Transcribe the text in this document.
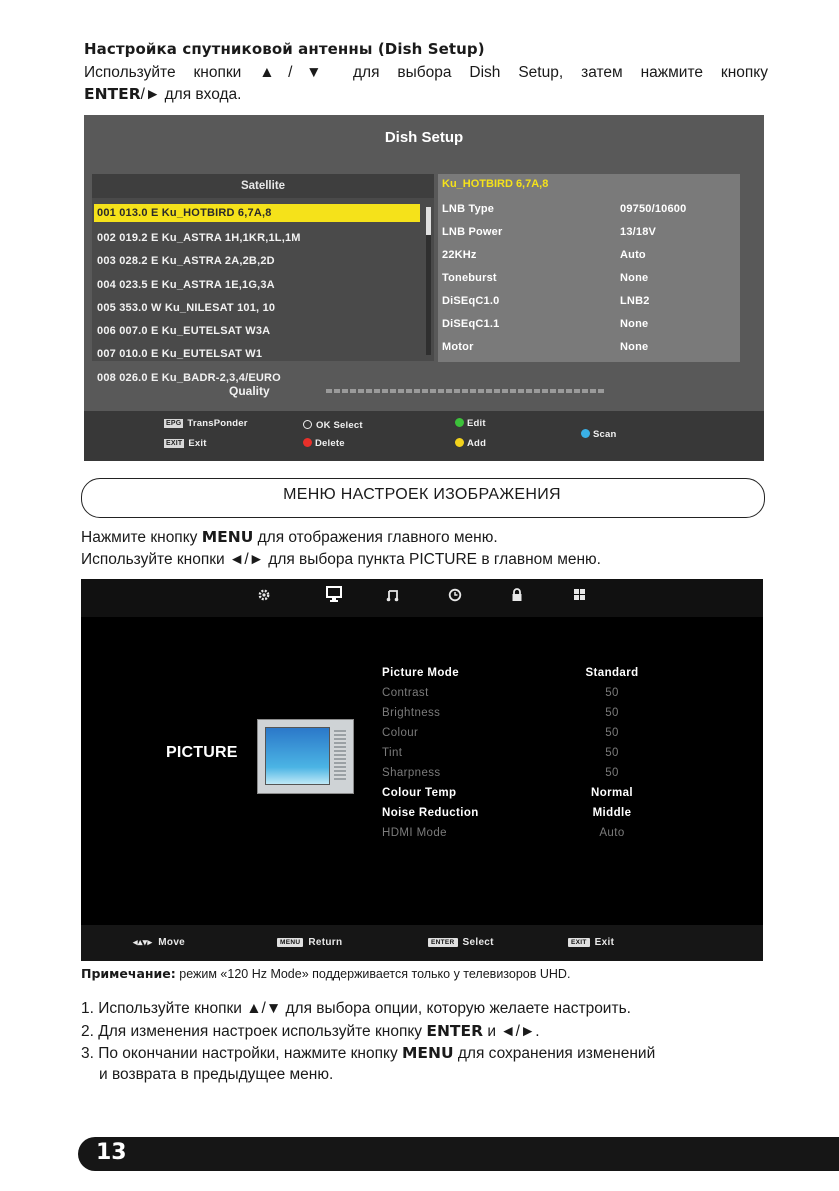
Настройка спутниковой антенны (Dish Setup)
Используйте кнопки ▲/▼ для выбора Dish Setup, затем нажмите кнопку
ENTER/► для входа.
Dish Setup
Satellite
001 013.0 E Ku_HOTBIRD 6,7A,8
002 019.2 E Ku_ASTRA 1H,1KR,1L,1M
003 028.2 E Ku_ASTRA 2A,2B,2D
004 023.5 E Ku_ASTRA 1E,1G,3A
005 353.0 W Ku_NILESAT 101, 10
006 007.0 E Ku_EUTELSAT W3A
007 010.0 E Ku_EUTELSAT W1
008 026.0 E Ku_BADR-2,3,4/EURO
Ku_HOTBIRD 6,7A,8
LNB Type	09750/10600
LNB Power	13/18V
22KHz	Auto
Toneburst	None
DiSEqC1.0	LNB2
DiSEqC1.1	None
Motor	None
Quality
EPG TransPonder
EXIT Exit
OK Select
Delete
Edit
Add
Scan
МЕНЮ НАСТРОЕК ИЗОБРАЖЕНИЯ
Нажмите кнопку MENU для отображения главного меню.
Используйте кнопки ◄/► для выбора пункта PICTURE в главном меню.
PICTURE
Picture Mode	Standard
Contrast	50
Brightness	50
Colour	50
Tint	50
Sharpness	50
Colour Temp	Normal
Noise Reduction	Middle
HDMI Mode	Auto
◂▴▾▸ Move	MENU Return	ENTER Select	EXIT Exit
Примечание: режим «120 Hz Mode» поддерживается только у телевизоров UHD.
1. Используйте кнопки ▲/▼ для выбора опции, которую желаете настроить.
2. Для изменения настроек используйте кнопку ENTER и ◄/►.
3. По окончании настройки, нажмите кнопку MENU для сохранения изменений
и возврата в предыдущее меню.
13
